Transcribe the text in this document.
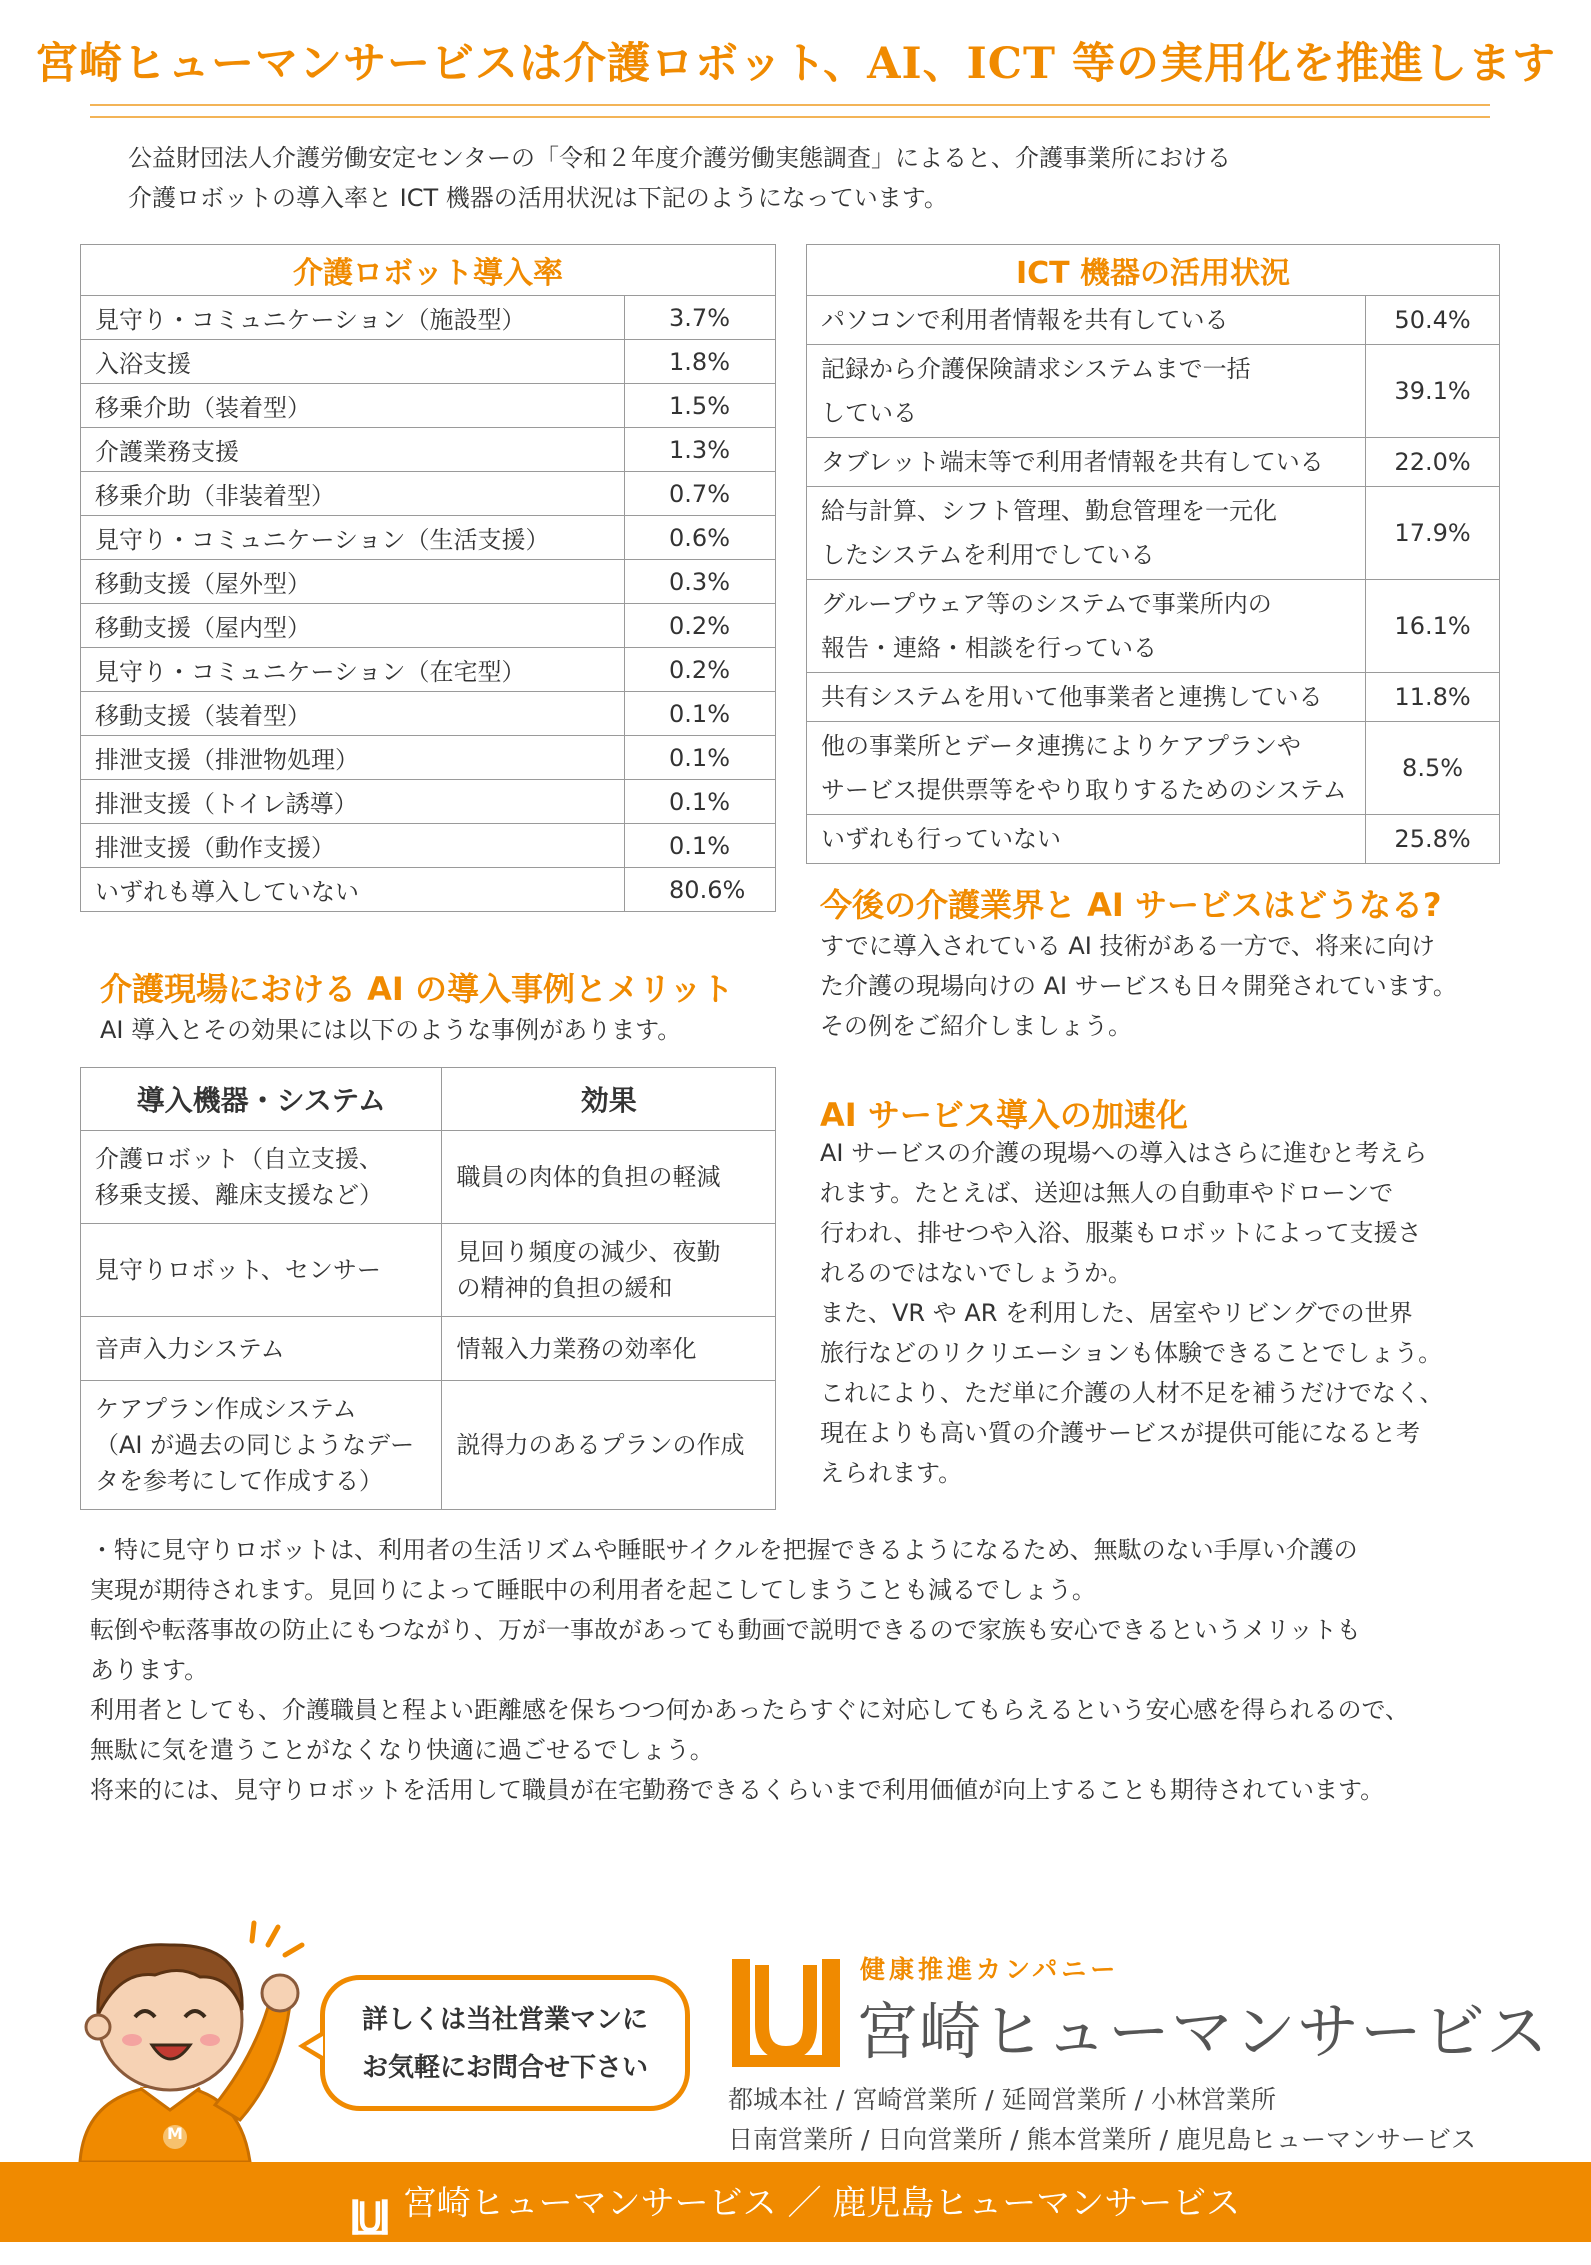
宮崎ヒューマンサービスは介護ロボット、AI、ICT 等の実用化を推進します
公益財団法人介護労働安定センターの「令和２年度介護労働実態調査」によると、介護事業所における
介護ロボットの導入率と ICT 機器の活用状況は下記のようになっています。
介護ロボット導入率	
見守り・コミュニケーション（施設型）	3.7%
入浴支援	1.8%
移乗介助（装着型）	1.5%
介護業務支援	1.3%
移乗介助（非装着型）	0.7%
見守り・コミュニケーション（生活支援）	0.6%
移動支援（屋外型）	0.3%
移動支援（屋内型）	0.2%
見守り・コミュニケーション（在宅型）	0.2%
移動支援（装着型）	0.1%
排泄支援（排泄物処理）	0.1%
排泄支援（トイレ誘導）	0.1%
排泄支援（動作支援）	0.1%
いずれも導入していない	80.6%
ICT 機器の活用状況	
パソコンで利用者情報を共有している	50.4%
記録から介護保険請求システムまで一括
している	39.1%
タブレット端末等で利用者情報を共有している	22.0%
給与計算、シフト管理、勤怠管理を一元化
したシステムを利用でしている	17.9%
グループウェア等のシステムで事業所内の
報告・連絡・相談を行っている	16.1%
共有システムを用いて他事業者と連携している	11.8%
他の事業所とデータ連携によりケアプランや
サービス提供票等をやり取りするためのシステム	8.5%
いずれも行っていない	25.8%
介護現場における AI の導入事例とメリット
AI 導入とその効果には以下のような事例があります。
導入機器・システム	効果
介護ロボット（自立支援、
移乗支援、離床支援など）	職員の肉体的負担の軽減
見守りロボット、センサー	見回り頻度の減少、夜勤
の精神的負担の緩和
音声入力システム	情報入力業務の効率化
ケアプラン作成システム
（AI が過去の同じようなデー
タを参考にして作成する）	説得力のあるプランの作成
今後の介護業界と AI サービスはどうなる?
すでに導入されている AI 技術がある一方で、将来に向け
た介護の現場向けの AI サービスも日々開発されています。
その例をご紹介しましょう。
AI サービス導入の加速化
AI サービスの介護の現場への導入はさらに進むと考えら
れます。たとえば、送迎は無人の自動車やドローンで
行われ、排せつや入浴、服薬もロボットによって支援さ
れるのではないでしょうか。
また、VR や AR を利用した、居室やリビングでの世界
旅行などのリクリエーションも体験できることでしょう。
これにより、ただ単に介護の人材不足を補うだけでなく、
現在よりも高い質の介護サービスが提供可能になると考
えられます。
・特に見守りロボットは、利用者の生活リズムや睡眠サイクルを把握できるようになるため、無駄のない手厚い介護の
実現が期待されます。見回りによって睡眠中の利用者を起こしてしまうことも減るでしょう。
転倒や転落事故の防止にもつながり、万が一事故があっても動画で説明できるので家族も安心できるというメリットも
あります。
利用者としても、介護職員と程よい距離感を保ちつつ何かあったらすぐに対応してもらえるという安心感を得られるので、
無駄に気を遣うことがなくなり快適に過ごせるでしょう。
将来的には、見守りロボットを活用して職員が在宅勤務できるくらいまで利用価値が向上することも期待されています。
M
詳しくは当社営業マンに
お気軽にお問合せ下さい
健康推進カンパニー
宮崎ヒューマンサービス
都城本社 / 宮崎営業所 / 延岡営業所 / 小林営業所
日南営業所 / 日向営業所 / 熊本営業所 / 鹿児島ヒューマンサービス
宮崎ヒューマンサービス ／ 鹿児島ヒューマンサービス
